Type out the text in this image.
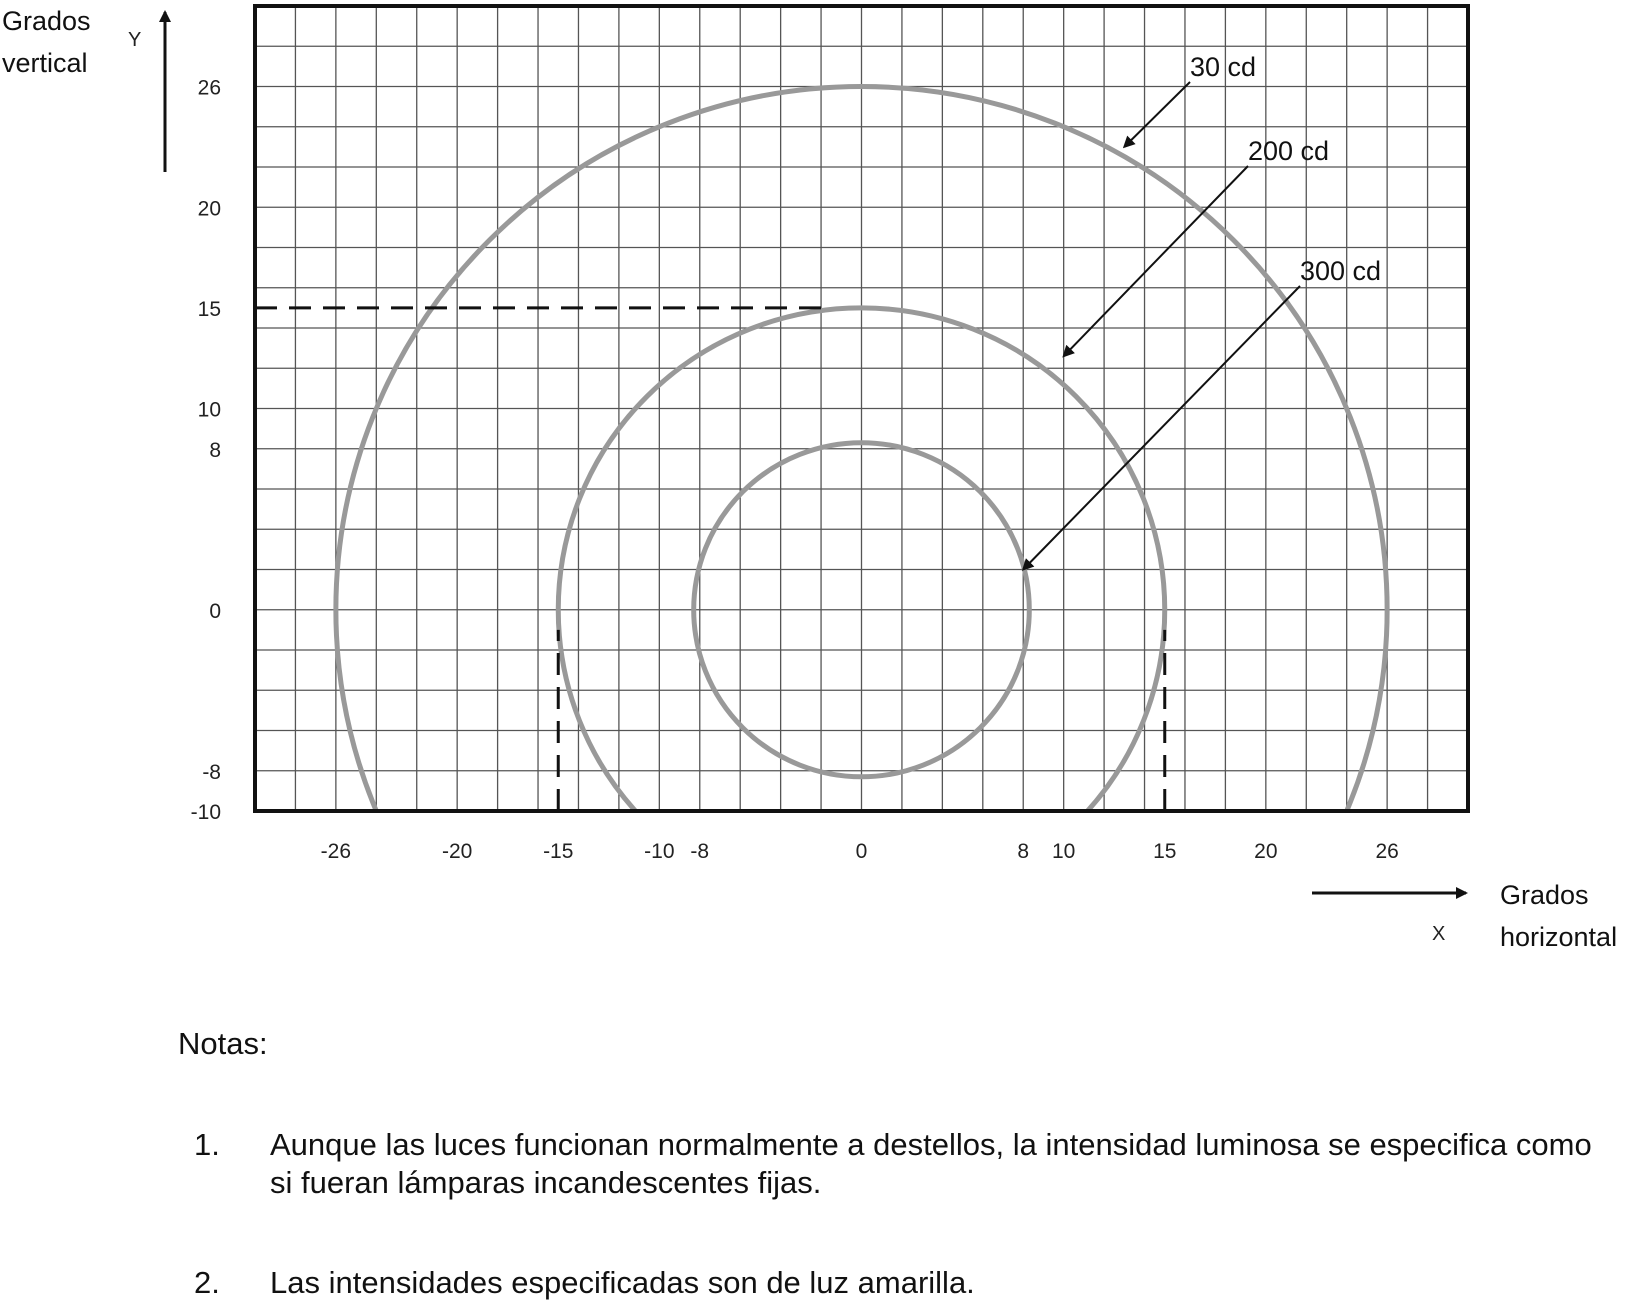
-26	-20	-15	-10 -8	0	8 10	15	20	26
26
20
15
10
8
0
-8
-10
30 cd
200 cd
300 cd
Grados
vertical
Y
Grados
horizontal
X
Notas:

1. Aunque las luces funcionan normalmente a destellos, la intensidad luminosa se especifica como si fueran lámparas incandescentes fijas.

2. Las intensidades especificadas son de luz amarilla.
